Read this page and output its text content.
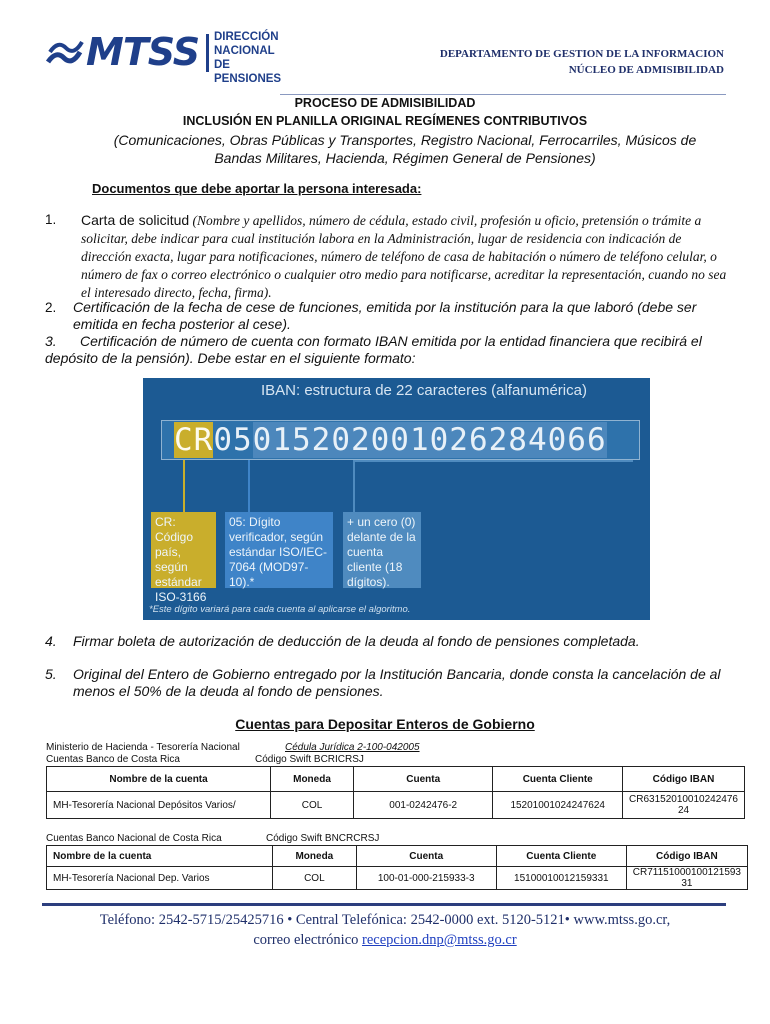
MTSS DIRECCIÓN
NACIONAL
DE PENSIONES
DEPARTAMENTO DE GESTION DE LA INFORMACION
NÚCLEO DE ADMISIBILIDAD
PROCESO DE ADMISIBILIDAD
INCLUSIÓN EN PLANILLA ORIGINAL REGÍMENES CONTRIBUTIVOS
(Comunicaciones, Obras Públicas y Transportes, Registro Nacional, Ferrocarriles, Músicos de Bandas Militares, Hacienda, Régimen General de Pensiones)
Documentos que debe aportar la persona interesada:
1. Carta de solicitud (Nombre y apellidos, número de cédula, estado civil, profesión u oficio, pretensión o trámite a solicitar, debe indicar para cual institución labora en la Administración, lugar de residencia con indicación de dirección exacta, lugar para notificaciones, número de teléfono de casa de habitación o número de teléfono celular, o número de fax o correo electrónico o cualquier otro medio para notificarse, acreditar la representación, cuando no sea el interesado directo, fecha, firma).
2. Certificación de la fecha de cese de funciones, emitida por la institución para la que laboró (debe ser emitida en fecha posterior al cese).
3. Certificación de número de cuenta con formato IBAN emitida por la entidad financiera que recibirá el depósito de la pensión). Debe estar en el siguiente formato:
IBAN: estructura de 22 caracteres (alfanumérica)
CR 05 0 15202001026284066
CR: Código país, según estándar ISO-3166
05: Dígito verificador, según estándar ISO/IEC-7064 (MOD97-10).*
+ un cero (0) delante de la cuenta cliente (18 dígitos).
*Este dígito variará para cada cuenta al aplicarse el algoritmo.
4. Firmar boleta de autorización de deducción de la deuda al fondo de pensiones completada.
5. Original del Entero de Gobierno entregado por la Institución Bancaria, donde consta la cancelación de al menos el 50% de la deuda al fondo de pensiones.
Cuentas para Depositar Enteros de Gobierno
Ministerio de Hacienda - Tesorería Nacional	Cédula Jurídica 2-100-042005
Cuentas Banco de Costa Rica	Código Swift BCRICRSJ
Nombre de la cuenta	Moneda	Cuenta	Cuenta Cliente	Código IBAN
MH-Tesorería Nacional Depósitos Varios/	COL	001-0242476-2	15201001024247624	CR63152010010242476 24
Cuentas Banco Nacional de Costa Rica	Código Swift BNCRCRSJ
Nombre de la cuenta	Moneda	Cuenta	Cuenta Cliente	Código IBAN
MH-Tesorería Nacional Dep. Varios	COL	100-01-000-215933-3	15100010012159331	CR71151000100121593 31
Teléfono: 2542-5715/25425716 • Central Telefónica: 2542-0000 ext. 5120-5121• www.mtss.go.cr,
correo electrónico recepcion.dnp@mtss.go.cr
